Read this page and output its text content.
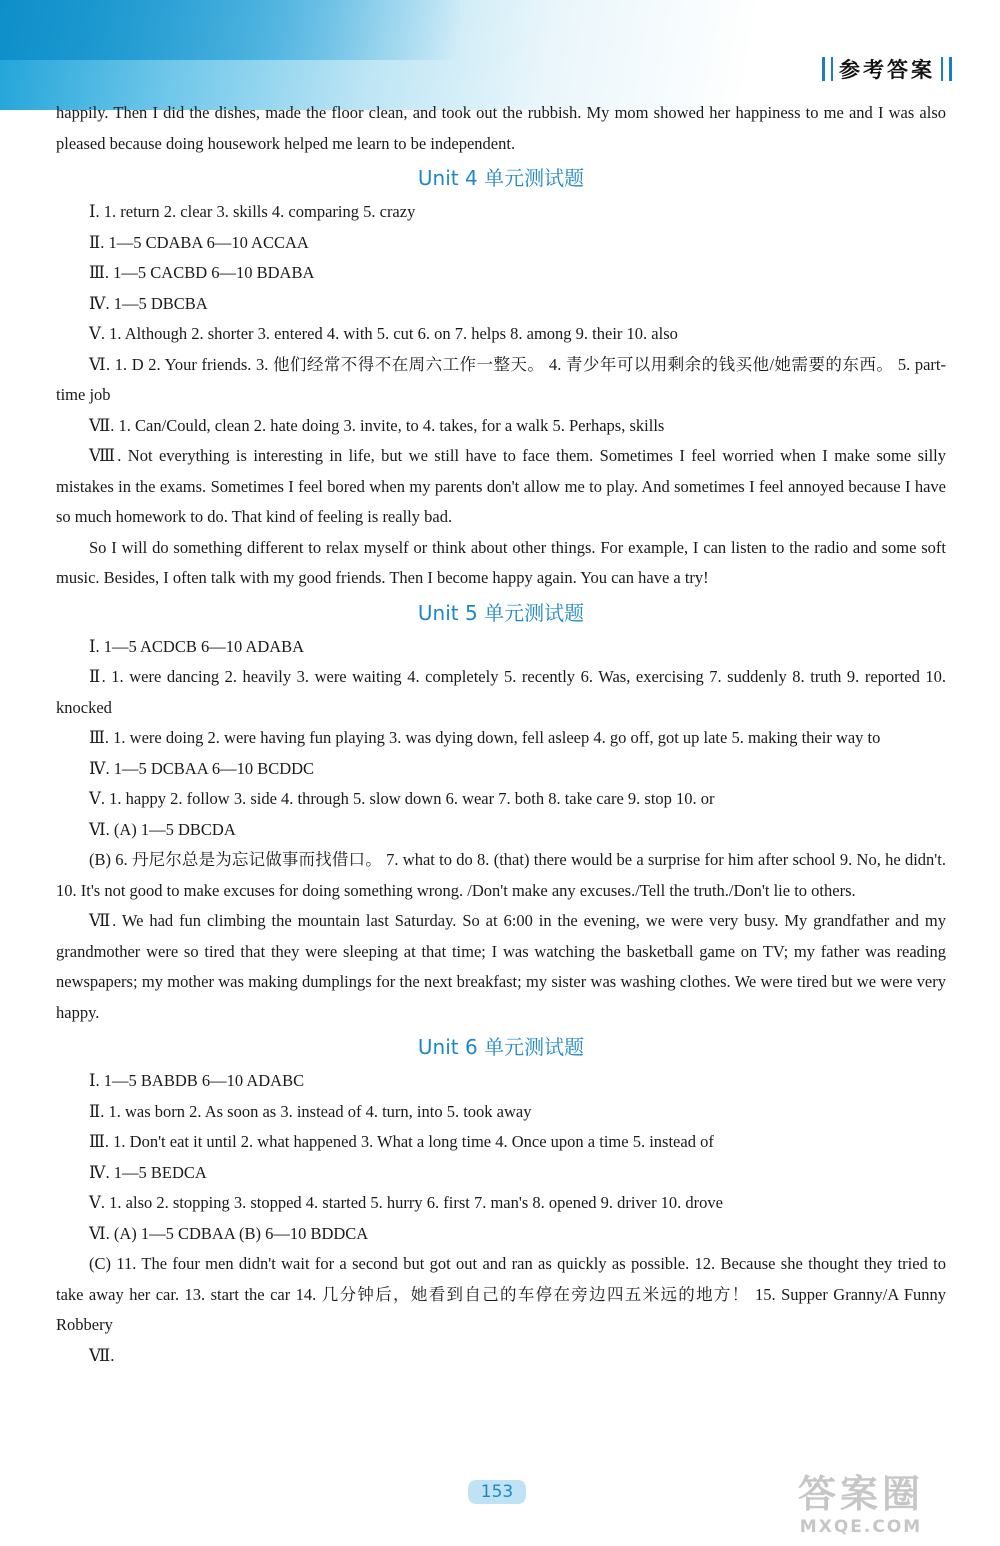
参考答案

happily. Then I did the dishes, made the floor clean, and took out the rubbish. My mom showed her happiness to me and I was also pleased because doing housework helped me learn to be independent.

Unit 4 单元测试题

Ⅰ. 1. return 2. clear 3. skills 4. comparing 5. crazy

Ⅱ. 1—5 CDABA 6—10 ACCAA

Ⅲ. 1—5 CACBD 6—10 BDABA

Ⅳ. 1—5 DBCBA

Ⅴ. 1. Although 2. shorter 3. entered 4. with 5. cut 6. on 7. helps 8. among 9. their 10. also

Ⅵ. 1. D 2. Your friends. 3. 他们经常不得不在周六工作一整天。 4. 青少年可以用剩余的钱买他/她需要的东西。 5. part-time job

Ⅶ. 1. Can/Could, clean 2. hate doing 3. invite, to 4. takes, for a walk 5. Perhaps, skills

Ⅷ. Not everything is interesting in life, but we still have to face them. Sometimes I feel worried when I make some silly mistakes in the exams. Sometimes I feel bored when my parents don't allow me to play. And sometimes I feel annoyed because I have so much homework to do. That kind of feeling is really bad.

So I will do something different to relax myself or think about other things. For example, I can listen to the radio and some soft music. Besides, I often talk with my good friends. Then I become happy again. You can have a try!

Unit 5 单元测试题

Ⅰ. 1—5 ACDCB 6—10 ADABA

Ⅱ. 1. were dancing 2. heavily 3. were waiting 4. completely 5. recently 6. Was, exercising 7. suddenly 8. truth 9. reported 10. knocked

Ⅲ. 1. were doing 2. were having fun playing 3. was dying down, fell asleep 4. go off, got up late 5. making their way to

Ⅳ. 1—5 DCBAA 6—10 BCDDC

Ⅴ. 1. happy 2. follow 3. side 4. through 5. slow down 6. wear 7. both 8. take care 9. stop 10. or

Ⅵ. (A) 1—5 DBCDA

(B) 6. 丹尼尔总是为忘记做事而找借口。 7. what to do 8. (that) there would be a surprise for him after school 9. No, he didn't. 10. It's not good to make excuses for doing something wrong. /Don't make any excuses./Tell the truth./Don't lie to others.

Ⅶ. We had fun climbing the mountain last Saturday. So at 6:00 in the evening, we were very busy. My grandfather and my grandmother were so tired that they were sleeping at that time; I was watching the basketball game on TV; my father was reading newspapers; my mother was making dumplings for the next breakfast; my sister was washing clothes. We were tired but we were very happy.

Unit 6 单元测试题

Ⅰ. 1—5 BABDB 6—10 ADABC

Ⅱ. 1. was born 2. As soon as 3. instead of 4. turn, into 5. took away

Ⅲ. 1. Don't eat it until 2. what happened 3. What a long time 4. Once upon a time 5. instead of

Ⅳ. 1—5 BEDCA

Ⅴ. 1. also 2. stopping 3. stopped 4. started 5. hurry 6. first 7. man's 8. opened 9. driver 10. drove

Ⅵ. (A) 1—5 CDBAA (B) 6—10 BDDCA

(C) 11. The four men didn't wait for a second but got out and ran as quickly as possible. 12. Because she thought they tried to take away her car. 13. start the car 14. 几分钟后，她看到自己的车停在旁边四五米远的地方！ 15. Supper Granny/A Funny Robbery

Ⅶ.

153	答案圈
MXQE.COM
